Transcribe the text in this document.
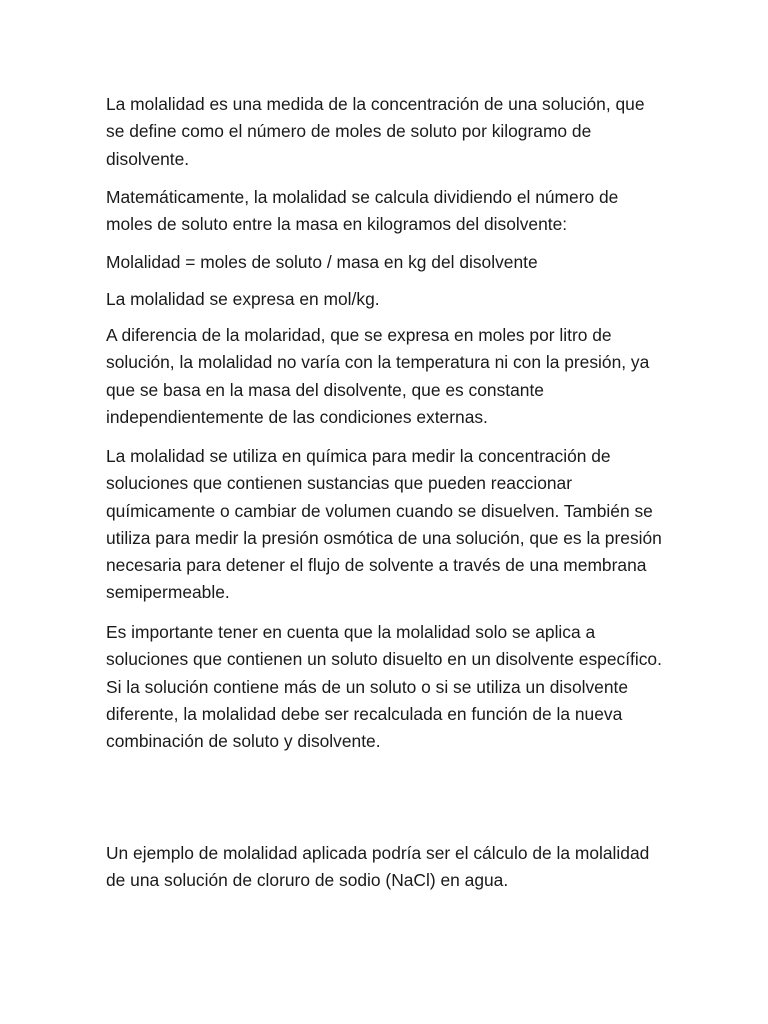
La molalidad es una medida de la concentración de una solución, que se define como el número de moles de soluto por kilogramo de disolvente.

Matemáticamente, la molalidad se calcula dividiendo el número de moles de soluto entre la masa en kilogramos del disolvente:

Molalidad = moles de soluto / masa en kg del disolvente

La molalidad se expresa en mol/kg.

A diferencia de la molaridad, que se expresa en moles por litro de solución, la molalidad no varía con la temperatura ni con la presión, ya que se basa en la masa del disolvente, que es constante independientemente de las condiciones externas.

La molalidad se utiliza en química para medir la concentración de soluciones que contienen sustancias que pueden reaccionar químicamente o cambiar de volumen cuando se disuelven. También se utiliza para medir la presión osmótica de una solución, que es la presión necesaria para detener el flujo de solvente a través de una membrana semipermeable.

Es importante tener en cuenta que la molalidad solo se aplica a soluciones que contienen un soluto disuelto en un disolvente específico. Si la solución contiene más de un soluto o si se utiliza un disolvente diferente, la molalidad debe ser recalculada en función de la nueva combinación de soluto y disolvente.

Un ejemplo de molalidad aplicada podría ser el cálculo de la molalidad de una solución de cloruro de sodio (NaCl) en agua.
